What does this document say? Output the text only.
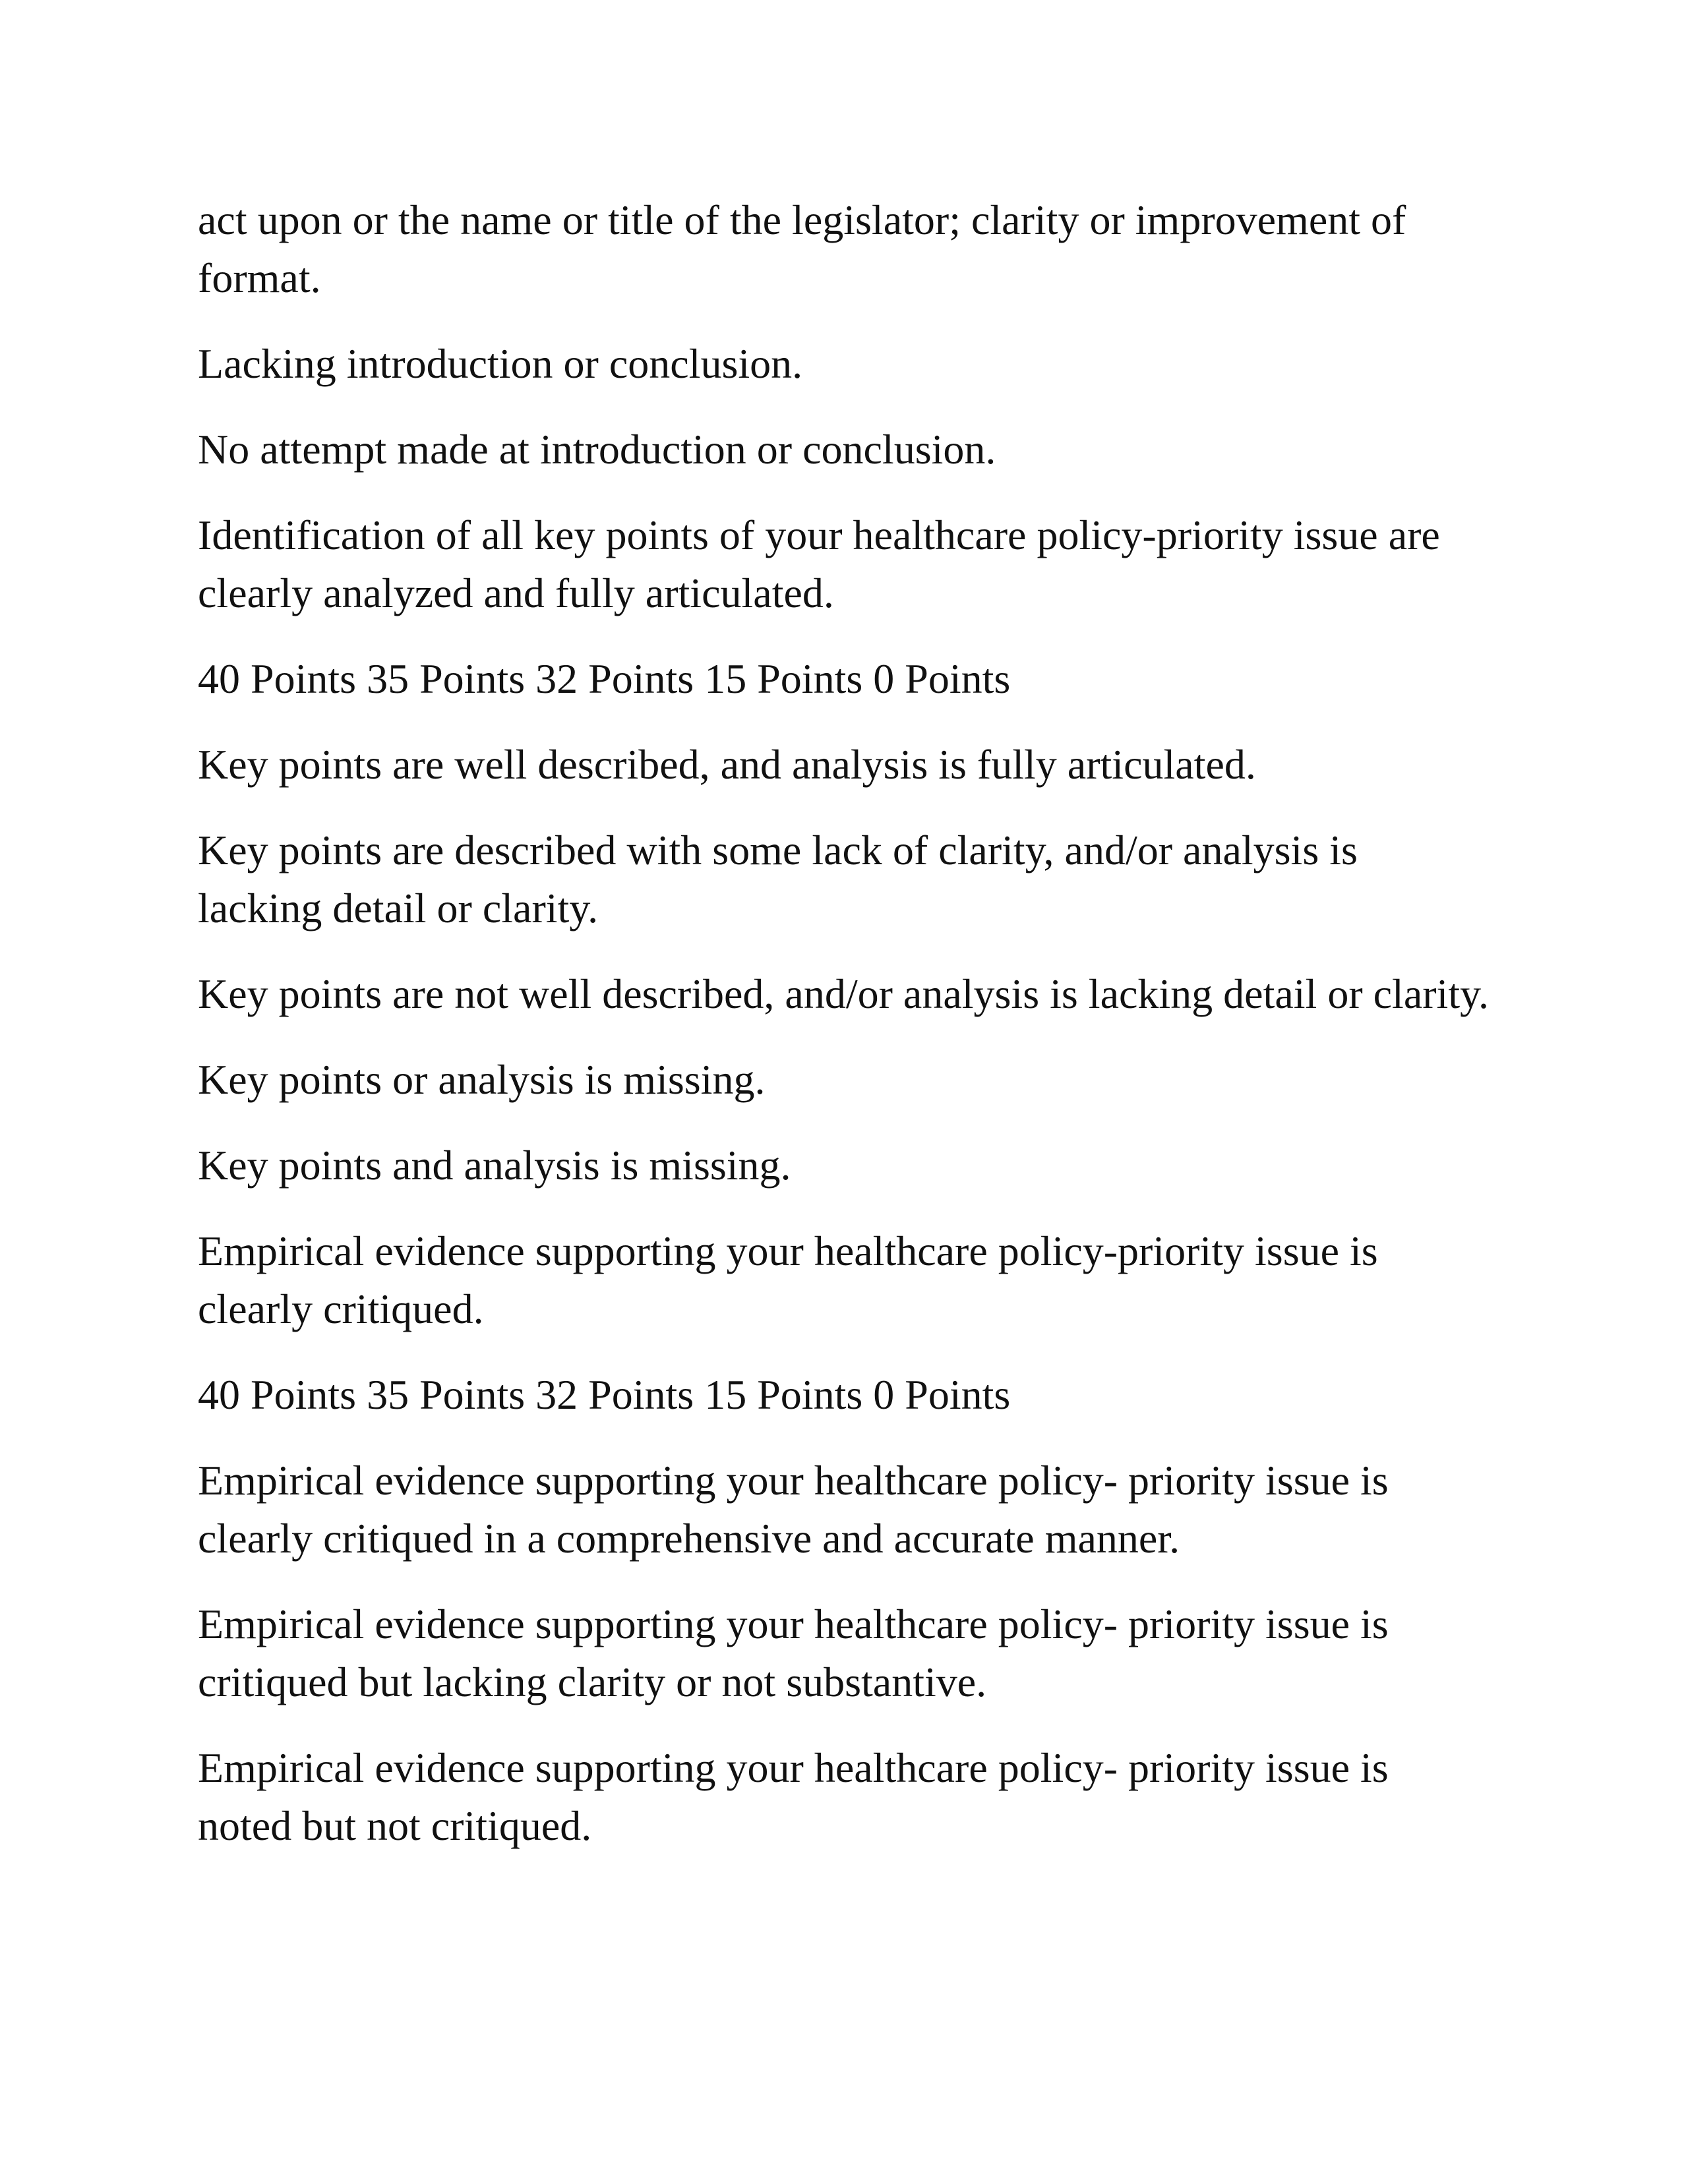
act upon or the name or title of the legislator; clarity or improvement of format.

Lacking introduction or conclusion.

No attempt made at introduction or conclusion.

Identification of all key points of your healthcare policy-priority issue are clearly analyzed and fully articulated.

40 Points 35 Points 32 Points 15 Points 0 Points

Key points are well described, and analysis is fully articulated.

Key points are described with some lack of clarity, and/or analysis is lacking detail or clarity.

Key points are not well described, and/or analysis is lacking detail or clarity.

Key points or analysis is missing.

Key points and analysis is missing.

Empirical evidence supporting your healthcare policy-priority issue is clearly critiqued.

40 Points 35 Points 32 Points 15 Points 0 Points

Empirical evidence supporting your healthcare policy- priority issue is clearly critiqued in a comprehensive and accurate manner.

Empirical evidence supporting your healthcare policy- priority issue is critiqued but lacking clarity or not substantive.

Empirical evidence supporting your healthcare policy- priority issue is noted but not critiqued.
